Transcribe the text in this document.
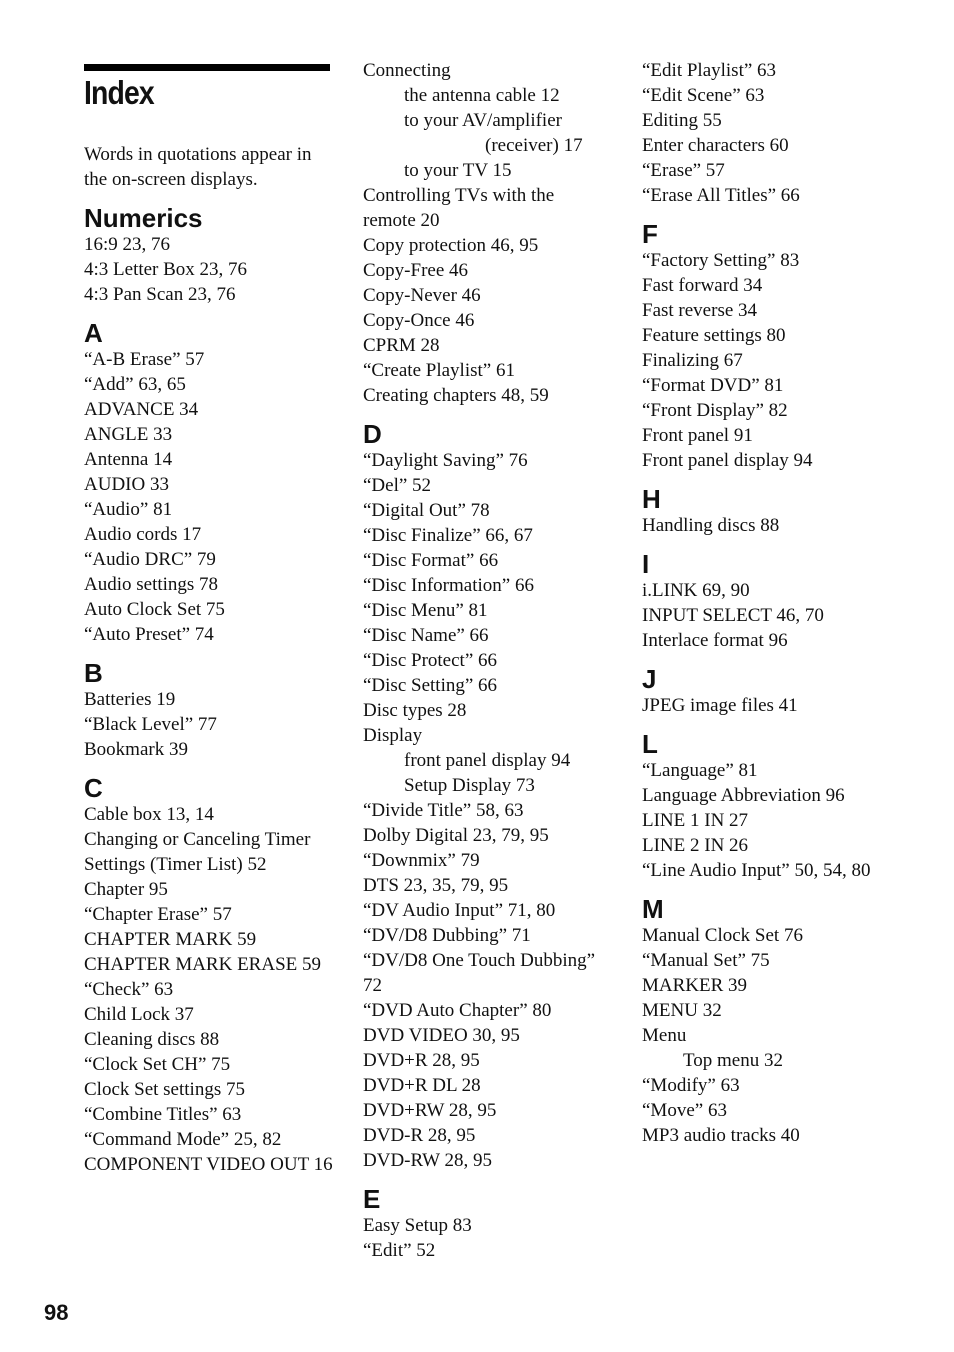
Index

Words in quotations appear in the on-screen displays.

Numerics
16:9 23, 76
4:3 Letter Box 23, 76
4:3 Pan Scan 23, 76
A
“A-B Erase” 57
“Add” 63, 65
ADVANCE 34
ANGLE 33
Antenna 14
AUDIO 33
“Audio” 81
Audio cords 17
“Audio DRC” 79
Audio settings 78
Auto Clock Set 75
“Auto Preset” 74
B
Batteries 19
“Black Level” 77
Bookmark 39
C
Cable box 13, 14
Changing or Canceling Timer Settings (Timer List) 52
Chapter 95
“Chapter Erase” 57
CHAPTER MARK 59
CHAPTER MARK ERASE 59
“Check” 63
Child Lock 37
Cleaning discs 88
“Clock Set CH” 75
Clock Set settings 75
“Combine Titles” 63
“Command Mode” 25, 82
COMPONENT VIDEO OUT 16
Connecting
the antenna cable 12
to your AV/amplifier
(receiver) 17
to your TV 15
Controlling TVs with the remote 20
Copy protection 46, 95
Copy-Free 46
Copy-Never 46
Copy-Once 46
CPRM 28
“Create Playlist” 61
Creating chapters 48, 59
D
“Daylight Saving” 76
“Del” 52
“Digital Out” 78
“Disc Finalize” 66, 67
“Disc Format” 66
“Disc Information” 66
“Disc Menu” 81
“Disc Name” 66
“Disc Protect” 66
“Disc Setting” 66
Disc types 28
Display
front panel display 94
Setup Display 73
“Divide Title” 58, 63
Dolby Digital 23, 79, 95
“Downmix” 79
DTS 23, 35, 79, 95
“DV Audio Input” 71, 80
“DV/D8 Dubbing” 71
“DV/D8 One Touch Dubbing” 72
“DVD Auto Chapter” 80
DVD VIDEO 30, 95
DVD+R 28, 95
DVD+R DL 28
DVD+RW 28, 95
DVD-R 28, 95
DVD-RW 28, 95
E
Easy Setup 83
“Edit” 52
“Edit Playlist” 63
“Edit Scene” 63
Editing 55
Enter characters 60
“Erase” 57
“Erase All Titles” 66
F
“Factory Setting” 83
Fast forward 34
Fast reverse 34
Feature settings 80
Finalizing 67
“Format DVD” 81
“Front Display” 82
Front panel 91
Front panel display 94
H
Handling discs 88
I
i.LINK 69, 90
INPUT SELECT 46, 70
Interlace format 96
J
JPEG image files 41
L
“Language” 81
Language Abbreviation 96
LINE 1 IN 27
LINE 2 IN 26
“Line Audio Input” 50, 54, 80
M
Manual Clock Set 76
“Manual Set” 75
MARKER 39
MENU 32
Menu
Top menu 32
“Modify” 63
“Move” 63
MP3 audio tracks 40
98
